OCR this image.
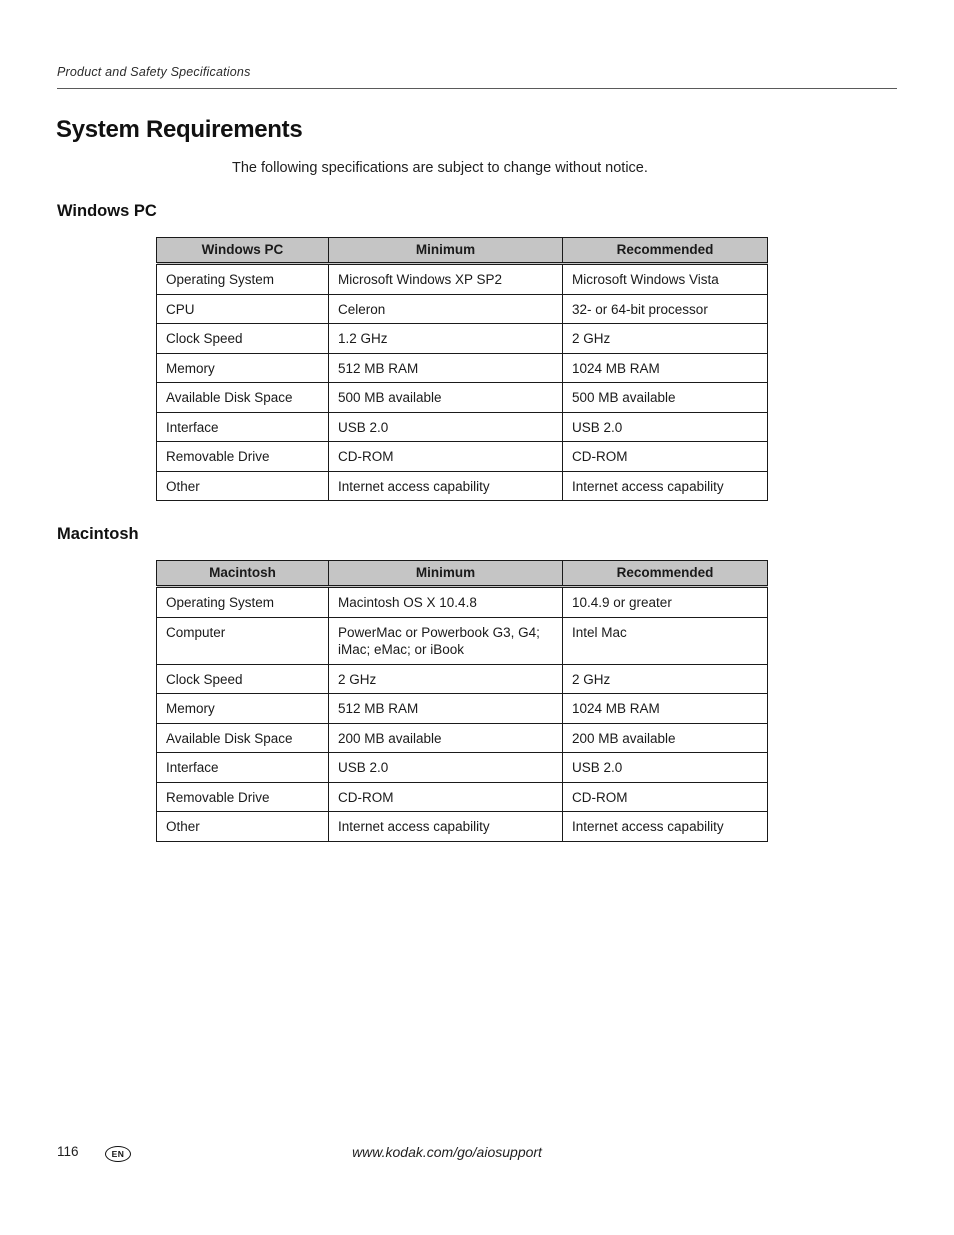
Product and Safety Specifications
System Requirements
The following specifications are subject to change without notice.
Windows PC
Windows PC	Minimum	Recommended
Operating System	Microsoft Windows XP SP2	Microsoft Windows Vista
CPU	Celeron	32- or 64-bit processor
Clock Speed	1.2 GHz	2 GHz
Memory	512 MB RAM	1024 MB RAM
Available Disk Space	500 MB available	500 MB available
Interface	USB 2.0	USB 2.0
Removable Drive	CD-ROM	CD-ROM
Other	Internet access capability	Internet access capability
Macintosh
Macintosh	Minimum	Recommended
Operating System	Macintosh OS X 10.4.8	10.4.9 or greater
Computer	PowerMac or Powerbook G3, G4; iMac; eMac; or iBook	Intel Mac
Clock Speed	2 GHz	2 GHz
Memory	512 MB RAM	1024 MB RAM
Available Disk Space	200 MB available	200 MB available
Interface	USB 2.0	USB 2.0
Removable Drive	CD-ROM	CD-ROM
Other	Internet access capability	Internet access capability
116	EN	www.kodak.com/go/aiosupport
